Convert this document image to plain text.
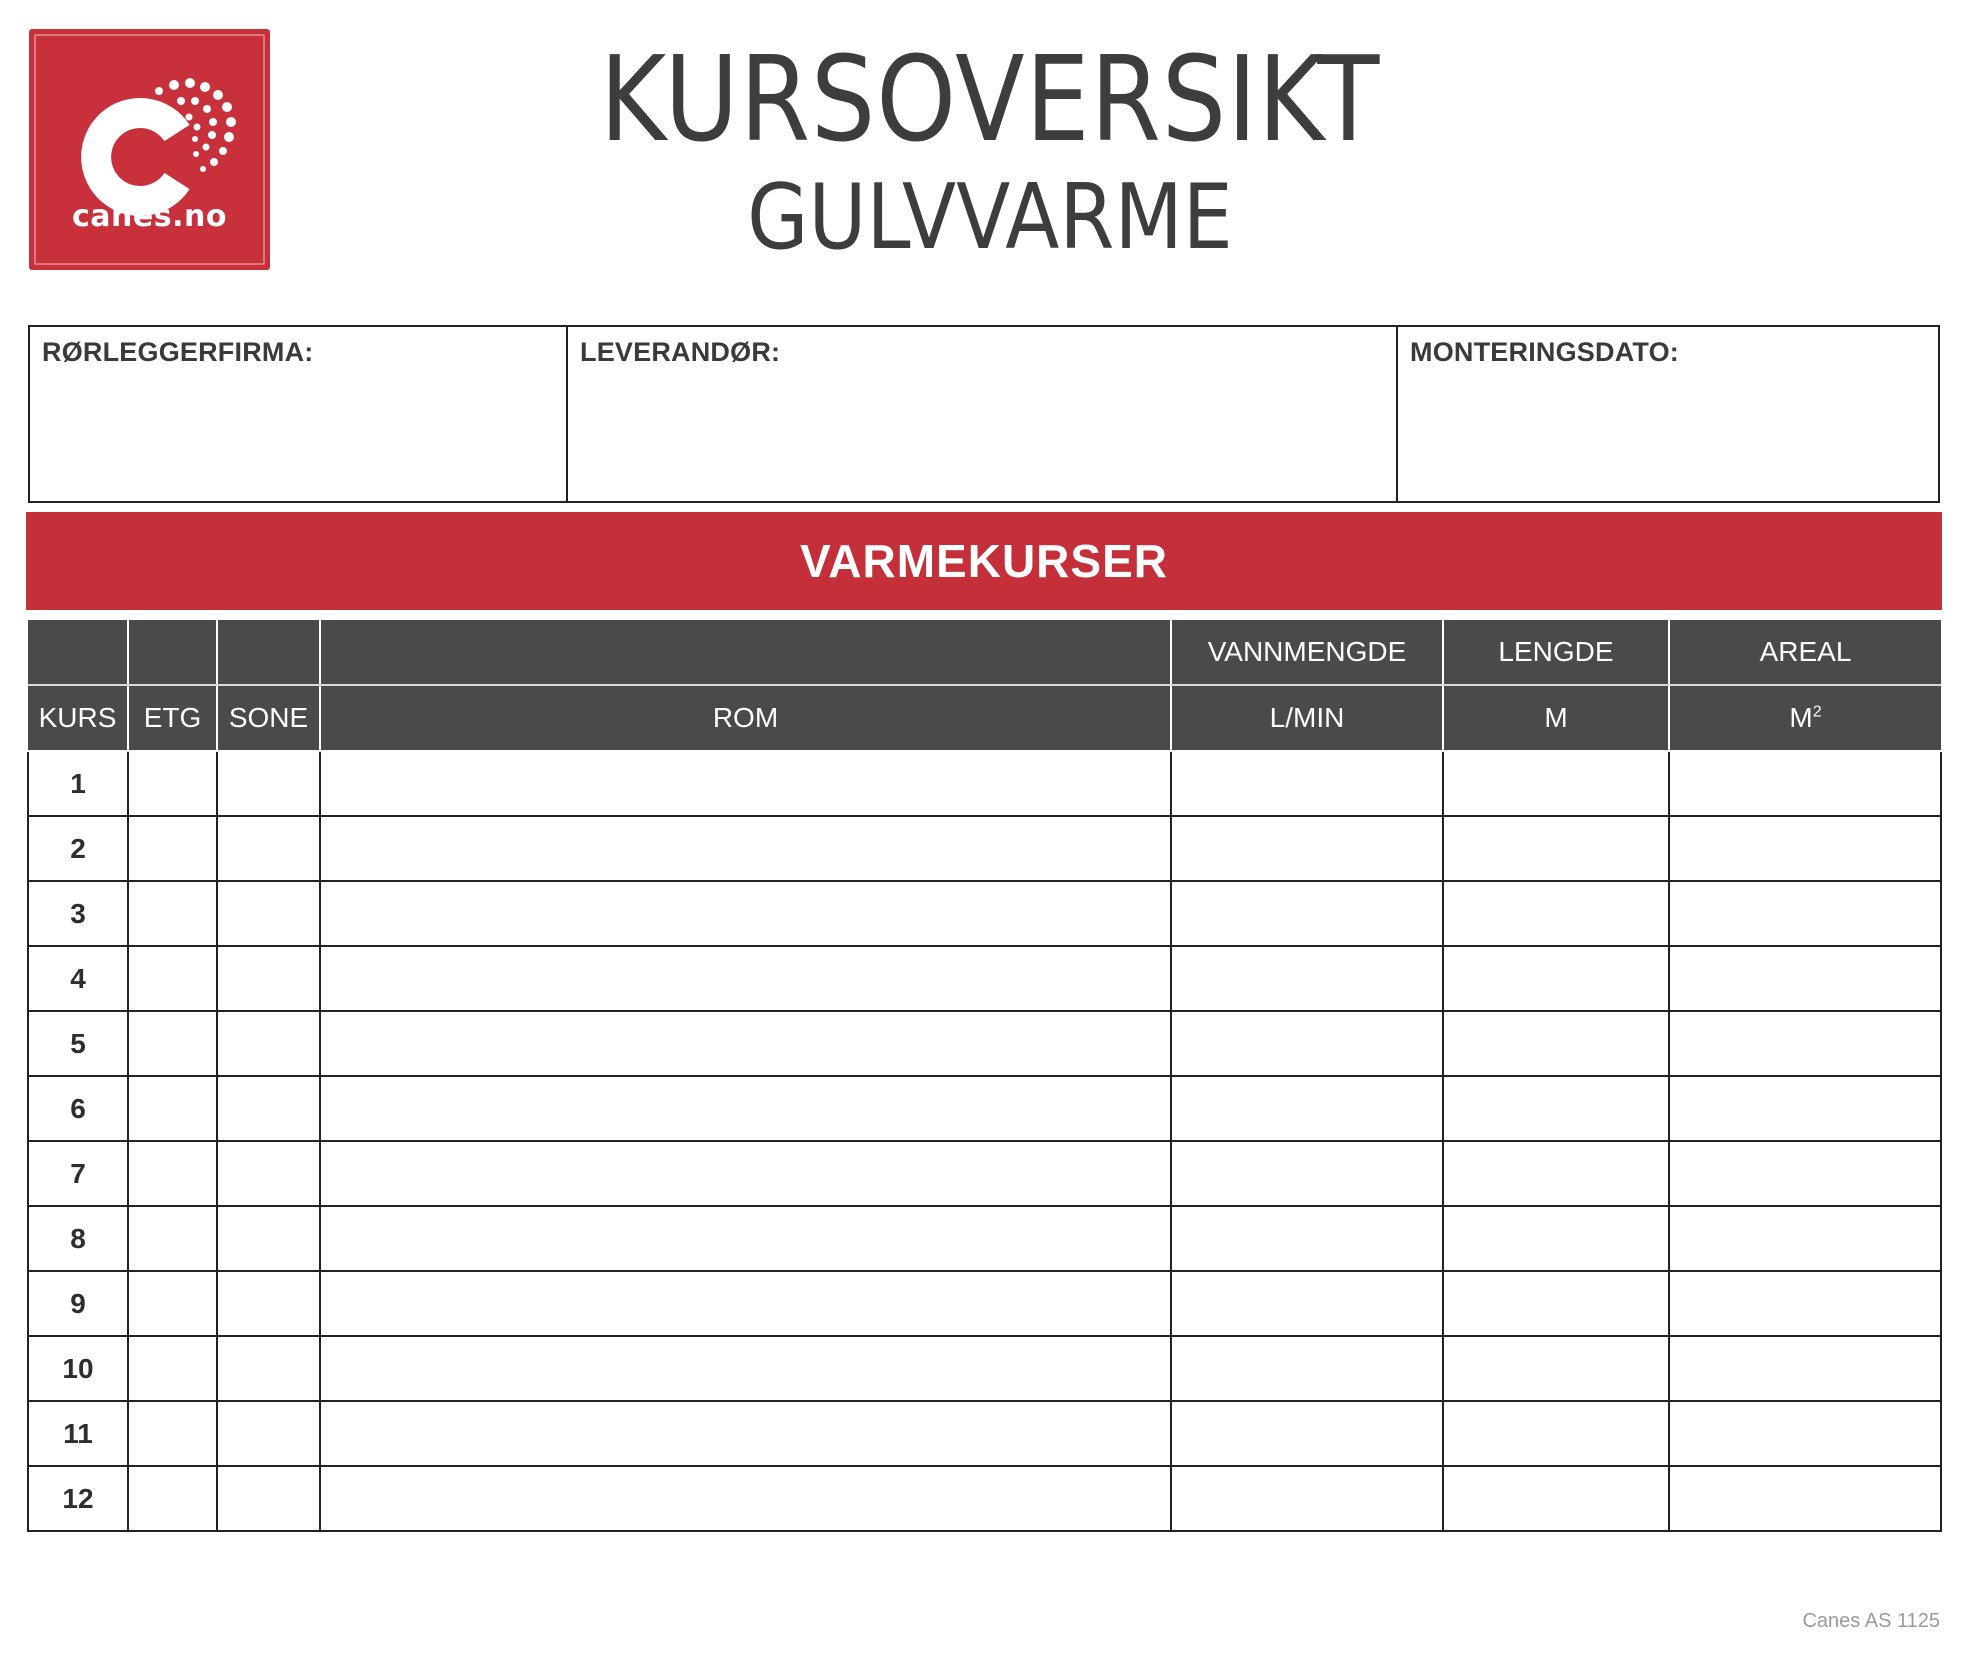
canes.no
KURSOVERSIKT
GULVVARME
RØRLEGGERFIRMA:	LEVERANDØR:	MONTERINGSDATO:
VARMEKURSER
				VANNMENGDE	LENGDE	AREAL
KURS	ETG	SONE	ROM	L/MIN	M	$M^2$
1						
2						
3						
4						
5						
6						
7						
8						
9						
10						
11						
12						
Canes AS 1125
